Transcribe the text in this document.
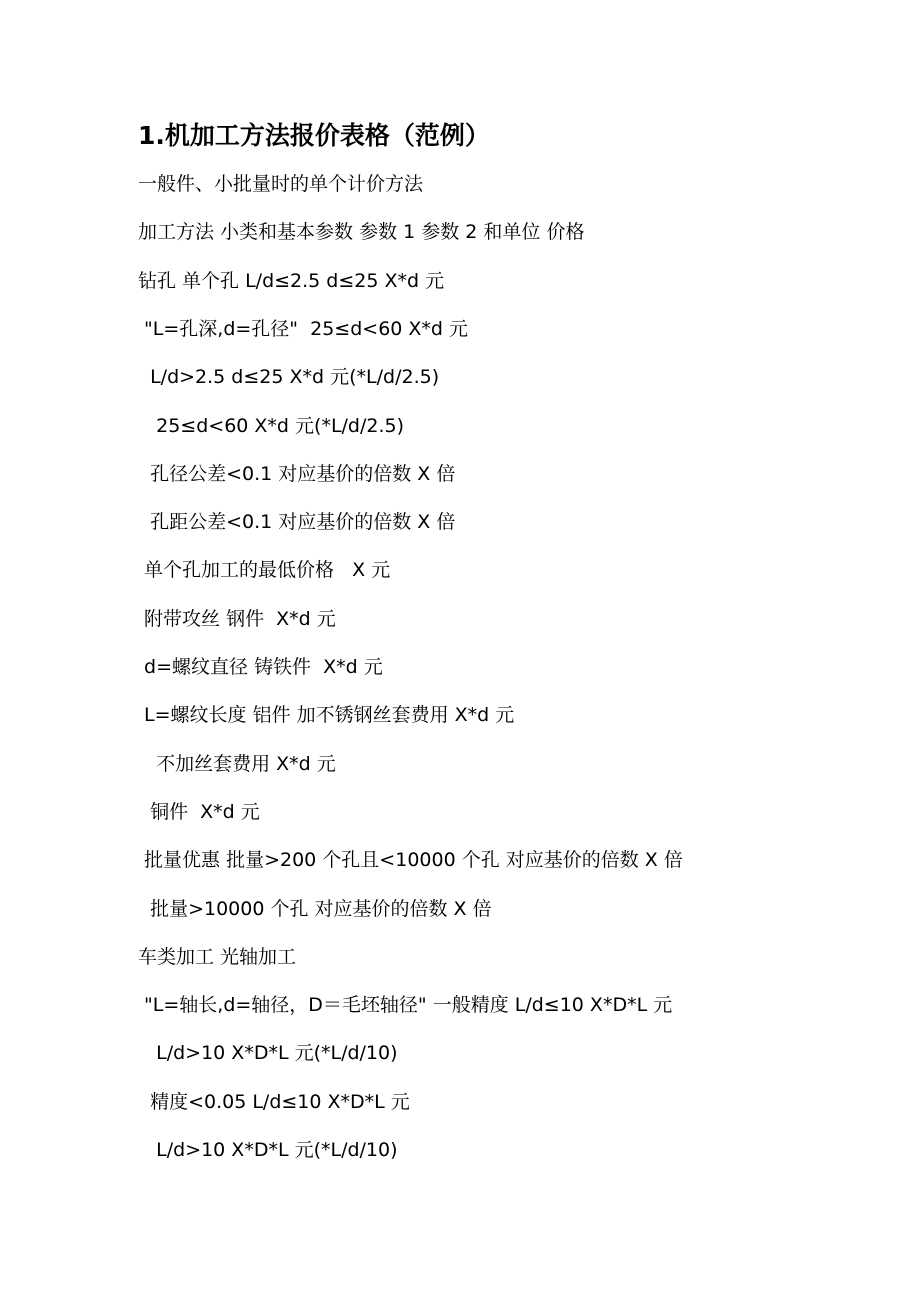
1.机加工方法报价表格（范例）
一般件、小批量时的单个计价方法
加工方法 小类和基本参数 参数 1 参数 2 和单位 价格
钻孔 单个孔 L/d≤2.5 d≤25 X*d 元
"L=孔深,d=孔径"  25≤d<60 X*d 元
L/d>2.5 d≤25 X*d 元(*L/d/2.5)
25≤d<60 X*d 元(*L/d/2.5)
孔径公差<0.1 对应基价的倍数 X 倍
孔距公差<0.1 对应基价的倍数 X 倍
单个孔加工的最低价格   X 元
附带攻丝 钢件  X*d 元
d=螺纹直径 铸铁件  X*d 元
L=螺纹长度 铝件 加不锈钢丝套费用 X*d 元
不加丝套费用 X*d 元
铜件  X*d 元
批量优惠 批量>200 个孔且<10000 个孔 对应基价的倍数 X 倍
批量>10000 个孔 对应基价的倍数 X 倍
车类加工 光轴加工
"L=轴长,d=轴径，D＝毛坯轴径" 一般精度 L/d≤10 X*D*L 元
L/d>10 X*D*L 元(*L/d/10)
精度<0.05 L/d≤10 X*D*L 元
L/d>10 X*D*L 元(*L/d/10)
